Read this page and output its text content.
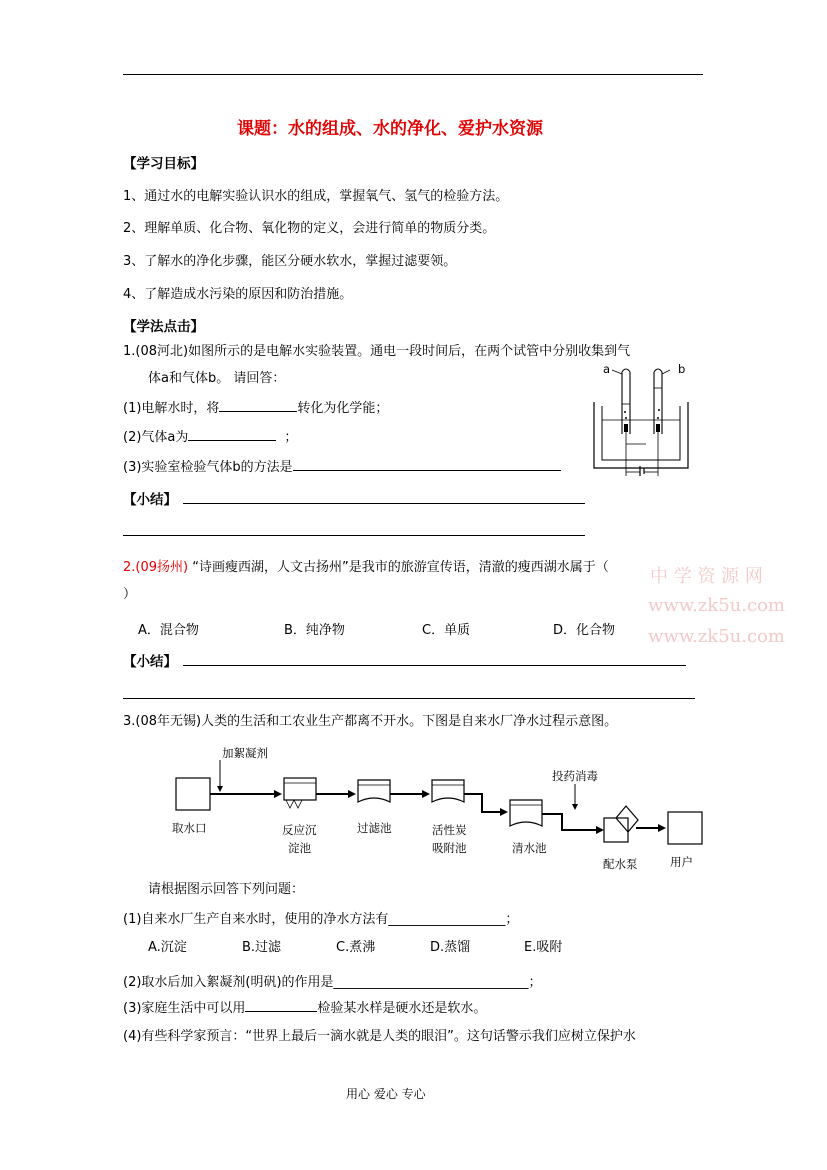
课题：水的组成、水的净化、爱护水资源
【学习目标】
1、通过水的电解实验认识水的组成，掌握氧气、氢气的检验方法。
2、理解单质、化合物、氧化物的定义，会进行简单的物质分类。
3、了解水的净化步骤，能区分硬水软水，掌握过滤要领。
4、了解造成水污染的原因和防治措施。
【学法点击】
1.(08河北)如图所示的是电解水实验装置。通电一段时间后，在两个试管中分别收集到气
体a和气体b。 请回答：
(1)电解水时，将	转化为化学能；
(2)气体a为	；
(3)实验室检验气体b的方法是
a	b
【小结】
中 学 资 源 网
www.zk5u.com
www.zk5u.com
2.(09扬州) “诗画瘦西湖，人文古扬州”是我市的旅游宣传语，清澈的瘦西湖水属于（
）
A．混合物	B．纯净物	C．单质	D．化合物
【小结】
3.(08年无锡)人类的生活和工农业生产都离不开水。下图是自来水厂净水过程示意图。
加絮凝剂
投药消毒
取水口	反应沉
淀池
过滤池	活性炭
吸附池	清水池
配水泵	用户
请根据图示回答下列问题：
(1)自来水厂生产自来水时，使用的净水方法有__________________；
A.沉淀	B.过滤	C.煮沸	D.蒸馏	E.吸附
(2)取水后加入絮凝剂(明矾)的作用是______________________________；
(3)家庭生活中可以用	检验某水样是硬水还是软水。
(4)有些科学家预言：“世界上最后一滴水就是人类的眼泪”。这句话警示我们应树立保护水
用心 爱心 专心
